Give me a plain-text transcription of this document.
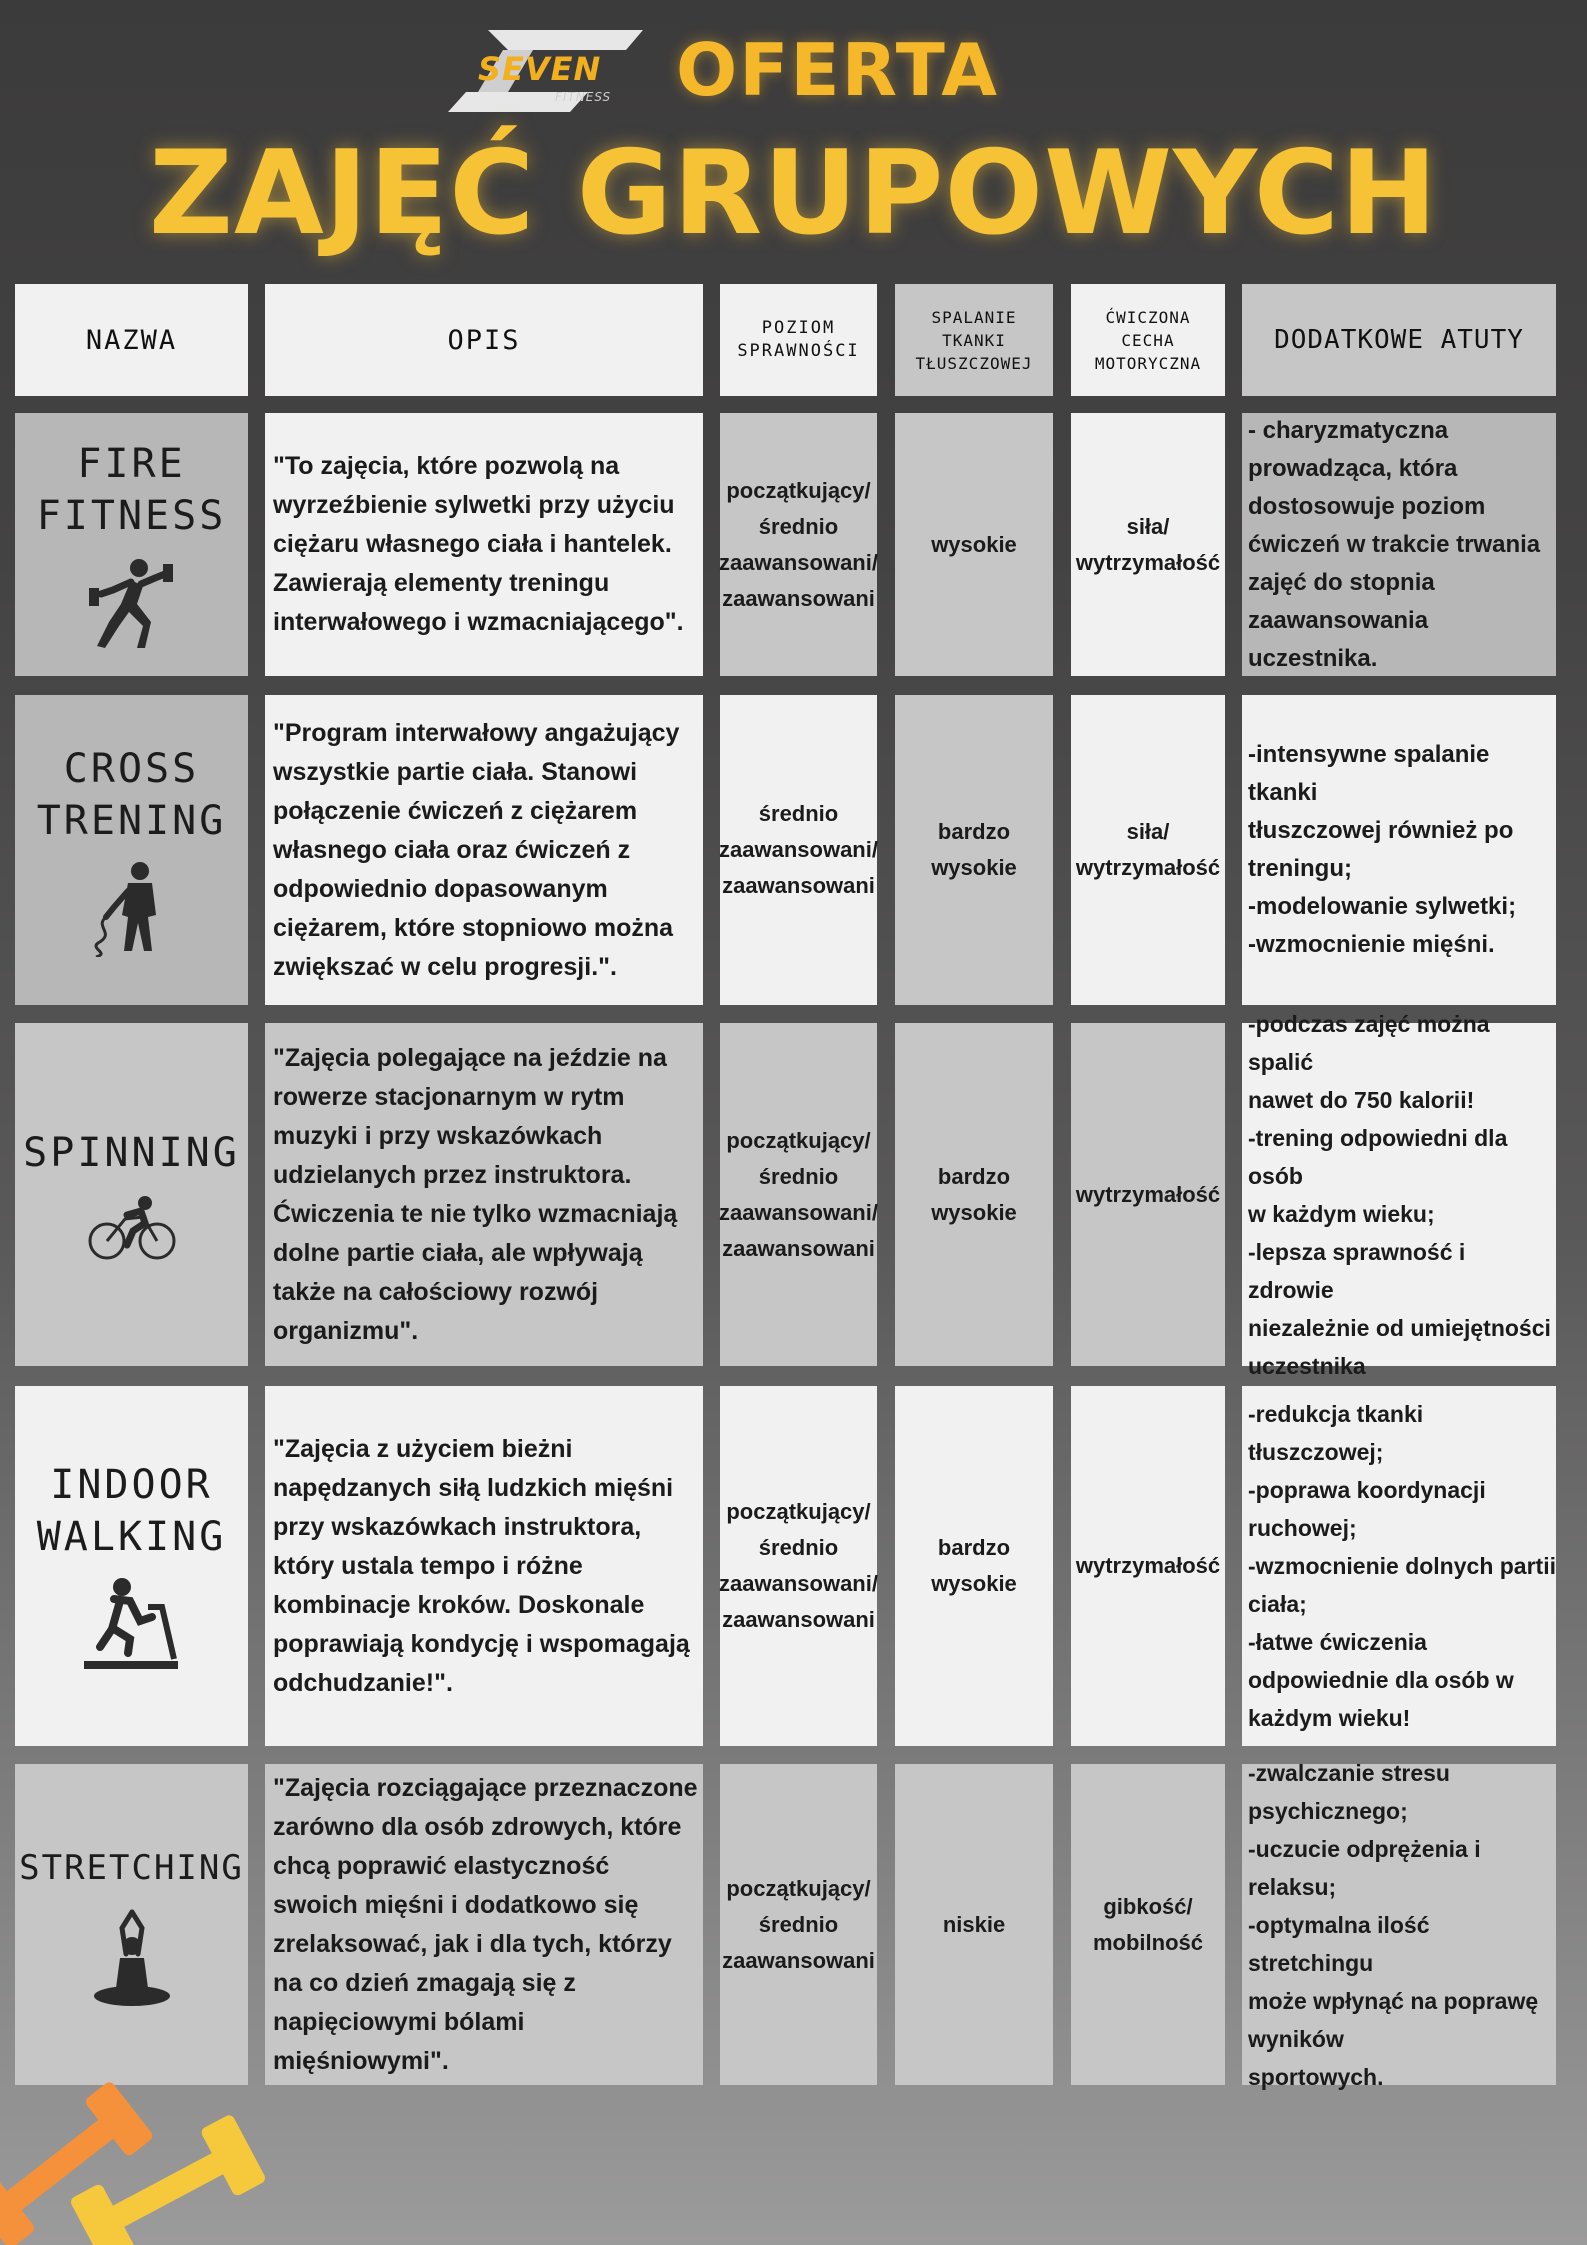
SEVEN
FITNESS OFERTA
ZAJĘĆ GRUPOWYCH
NAZWA	OPIS	POZIOM
SPRAWNOŚCI
SPALANIE
TKANKI
TŁUSZCZOWEJ
ĆWICZONA
CECHA
MOTORYCZNA
DODATKOWE ATUTY
FIRE
FITNESS
"To zajęcia, które pozwolą na wyrzeźbienie sylwetki przy użyciu ciężaru własnego ciała i hantelek. Zawierają elementy treningu interwałowego i wzmacniającego".
początkujący/
średnio
zaawansowani/
zaawansowani
wysokie
siła/
wytrzymałość
- charyzmatyczna
prowadząca, która
dostosowuje poziom
ćwiczeń w trakcie trwania
zajęć do stopnia
zaawansowania uczestnika.
CROSS
TRENING
"Program interwałowy angażujący wszystkie partie ciała. Stanowi połączenie ćwiczeń z ciężarem własnego ciała oraz ćwiczeń z odpowiednio dopasowanym ciężarem, które stopniowo można zwiększać w celu progresji.".
średnio
zaawansowani/
zaawansowani
bardzo
wysokie
siła/
wytrzymałość
-intensywne spalanie tkanki
tłuszczowej również po
treningu;
-modelowanie sylwetki;
-wzmocnienie mięśni.
SPINNING
"Zajęcia polegające na jeździe na rowerze stacjonarnym w rytm muzyki i przy wskazówkach udzielanych przez instruktora. Ćwiczenia te nie tylko wzmacniają dolne partie ciała, ale wpływają także na całościowy rozwój organizmu".
początkujący/
średnio
zaawansowani/
zaawansowani
bardzo
wysokie
wytrzymałość
-podczas zajęć można spalić
nawet do 750 kalorii!
-trening odpowiedni dla osób
w każdym wieku;
-lepsza sprawność i zdrowie
niezależnie od umiejętności
uczestnika
INDOOR
WALKING
"Zajęcia z użyciem bieżni napędzanych siłą ludzkich mięśni przy wskazówkach instruktora, który ustala tempo i różne kombinacje kroków. Doskonale poprawiają kondycję i wspomagają odchudzanie!".
początkujący/
średnio
zaawansowani/
zaawansowani
bardzo
wysokie
wytrzymałość
-redukcja tkanki tłuszczowej;
-poprawa koordynacji
ruchowej;
-wzmocnienie dolnych partii
ciała;
-łatwe ćwiczenia
odpowiednie dla osób w
każdym wieku!
STRETCHING
"Zajęcia rozciągające przeznaczone zarówno dla osób zdrowych, które chcą poprawić elastyczność swoich mięśni i dodatkowo się zrelaksować, jak i dla tych, którzy na co dzień zmagają się z napięciowymi bólami mięśniowymi".
początkujący/
średnio
zaawansowani
niskie
gibkość/
mobilność
-zwalczanie stresu
psychicznego;
-uczucie odprężenia i
relaksu;
-optymalna ilość stretchingu
może wpłynąć na poprawę
wyników
sportowych.
